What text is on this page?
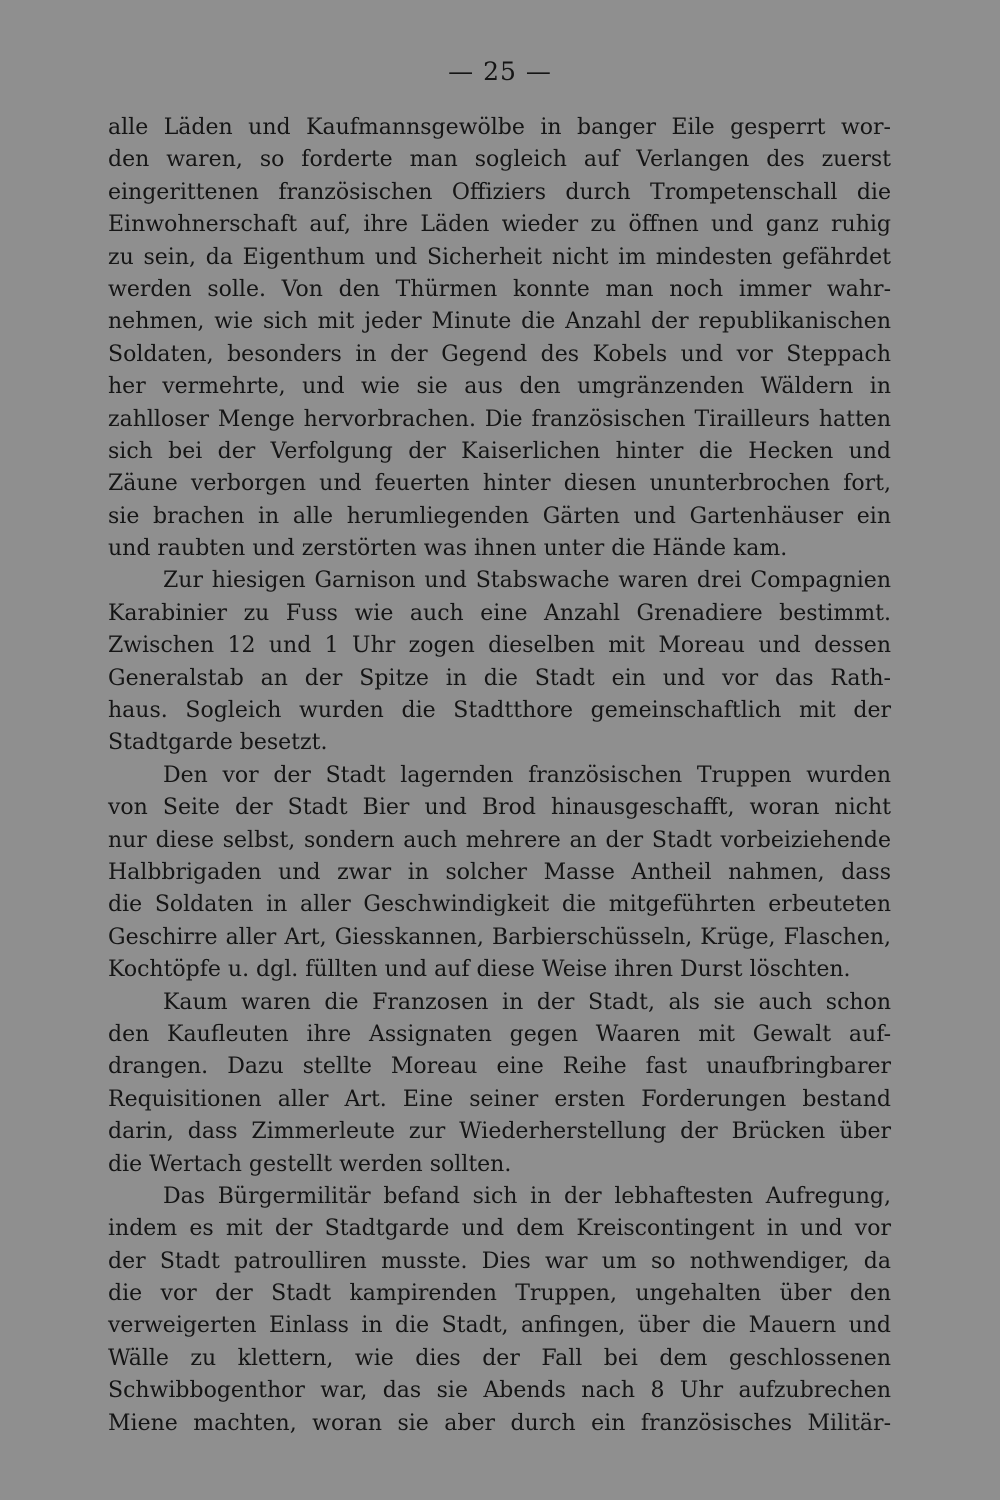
— 25 —
alle Läden und Kaufmannsgewölbe in banger Eile gesperrt wor-
den waren, so forderte man sogleich auf Verlangen des zuerst
eingerittenen französischen Offiziers durch Trompetenschall die
Einwohnerschaft auf, ihre Läden wieder zu öffnen und ganz ruhig
zu sein, da Eigenthum und Sicherheit nicht im mindesten gefährdet
werden solle. Von den Thürmen konnte man noch immer wahr-
nehmen, wie sich mit jeder Minute die Anzahl der republikanischen
Soldaten, besonders in der Gegend des Kobels und vor Steppach
her vermehrte, und wie sie aus den umgränzenden Wäldern in
zahlloser Menge hervorbrachen. Die französischen Tirailleurs hatten
sich bei der Verfolgung der Kaiserlichen hinter die Hecken und
Zäune verborgen und feuerten hinter diesen ununterbrochen fort,
sie brachen in alle herumliegenden Gärten und Gartenhäuser ein
und raubten und zerstörten was ihnen unter die Hände kam.
Zur hiesigen Garnison und Stabswache waren drei Compagnien
Karabinier zu Fuss wie auch eine Anzahl Grenadiere bestimmt.
Zwischen 12 und 1 Uhr zogen dieselben mit Moreau und dessen
Generalstab an der Spitze in die Stadt ein und vor das Rath-
haus. Sogleich wurden die Stadtthore gemeinschaftlich mit der
Stadtgarde besetzt.
Den vor der Stadt lagernden französischen Truppen wurden
von Seite der Stadt Bier und Brod hinausgeschafft, woran nicht
nur diese selbst, sondern auch mehrere an der Stadt vorbeiziehende
Halbbrigaden und zwar in solcher Masse Antheil nahmen, dass
die Soldaten in aller Geschwindigkeit die mitgeführten erbeuteten
Geschirre aller Art, Giesskannen, Barbierschüsseln, Krüge, Flaschen,
Kochtöpfe u. dgl. füllten und auf diese Weise ihren Durst löschten.
Kaum waren die Franzosen in der Stadt, als sie auch schon
den Kaufleuten ihre Assignaten gegen Waaren mit Gewalt auf-
drangen. Dazu stellte Moreau eine Reihe fast unaufbringbarer
Requisitionen aller Art. Eine seiner ersten Forderungen bestand
darin, dass Zimmerleute zur Wiederherstellung der Brücken über
die Wertach gestellt werden sollten.
Das Bürgermilitär befand sich in der lebhaftesten Aufregung,
indem es mit der Stadtgarde und dem Kreiscontingent in und vor
der Stadt patroulliren musste. Dies war um so nothwendiger, da
die vor der Stadt kampirenden Truppen, ungehalten über den
verweigerten Einlass in die Stadt, anfingen, über die Mauern und
Wälle zu klettern, wie dies der Fall bei dem geschlossenen
Schwibbogenthor war, das sie Abends nach 8 Uhr aufzubrechen
Miene machten, woran sie aber durch ein französisches Militär-
